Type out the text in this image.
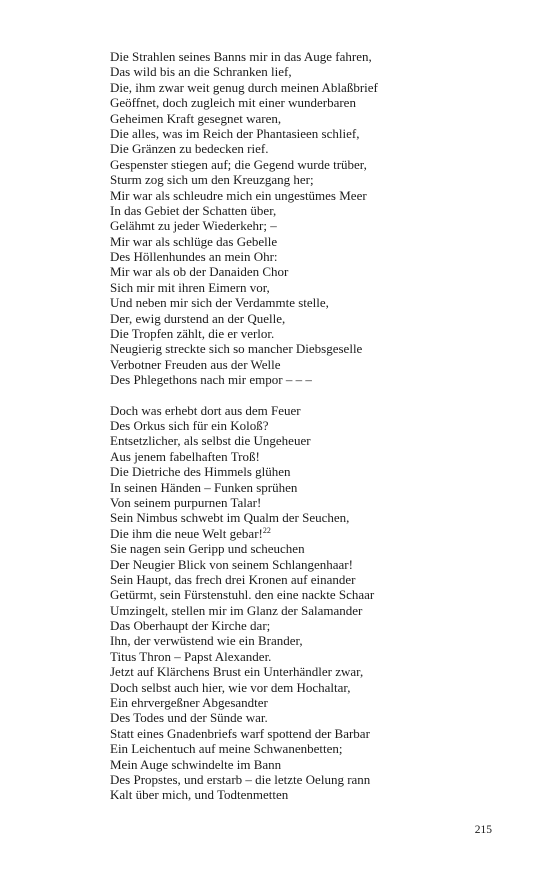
Die Strahlen seines Banns mir in das Auge fahren,
Das wild bis an die Schranken lief,
Die, ihm zwar weit genug durch meinen Ablaßbrief
Geöffnet, doch zugleich mit einer wunderbaren
Geheimen Kraft gesegnet waren,
Die alles, was im Reich der Phantasieen schlief,
Die Gränzen zu bedecken rief.
Gespenster stiegen auf; die Gegend wurde trüber,
Sturm zog sich um den Kreuzgang her;
Mir war als schleudre mich ein ungestümes Meer
In das Gebiet der Schatten über,
Gelähmt zu jeder Wiederkehr; –
Mir war als schlüge das Gebelle
Des Höllenhundes an mein Ohr:
Mir war als ob der Danaiden Chor
Sich mir mit ihren Eimern vor,
Und neben mir sich der Verdammte stelle,
Der, ewig durstend an der Quelle,
Die Tropfen zählt, die er verlor.
Neugierig streckte sich so mancher Diebsgeselle
Verbotner Freuden aus der Welle
Des Phlegethons nach mir empor – – –
Doch was erhebt dort aus dem Feuer
Des Orkus sich für ein Koloß?
Entsetzlicher, als selbst die Ungeheuer
Aus jenem fabelhaften Troß!
Die Dietriche des Himmels glühen
In seinen Händen – Funken sprühen
Von seinem purpurnen Talar!
Sein Nimbus schwebt im Qualm der Seuchen,
Die ihm die neue Welt gebar!$^{22}$
Sie nagen sein Geripp und scheuchen
Der Neugier Blick von seinem Schlangenhaar!
Sein Haupt, das frech drei Kronen auf einander
Getürmt, sein Fürstenstuhl. den eine nackte Schaar
Umzingelt, stellen mir im Glanz der Salamander
Das Oberhaupt der Kirche dar;
Ihn, der verwüstend wie ein Brander,
Titus Thron – Papst Alexander.
Jetzt auf Klärchens Brust ein Unterhändler zwar,
Doch selbst auch hier, wie vor dem Hochaltar,
Ein ehrvergeßner Abgesandter
Des Todes und der Sünde war.
Statt eines Gnadenbriefs warf spottend der Barbar
Ein Leichentuch auf meine Schwanenbetten;
Mein Auge schwindelte im Bann
Des Propstes, und erstarb – die letzte Oelung rann
Kalt über mich, und Todtenmetten
215
